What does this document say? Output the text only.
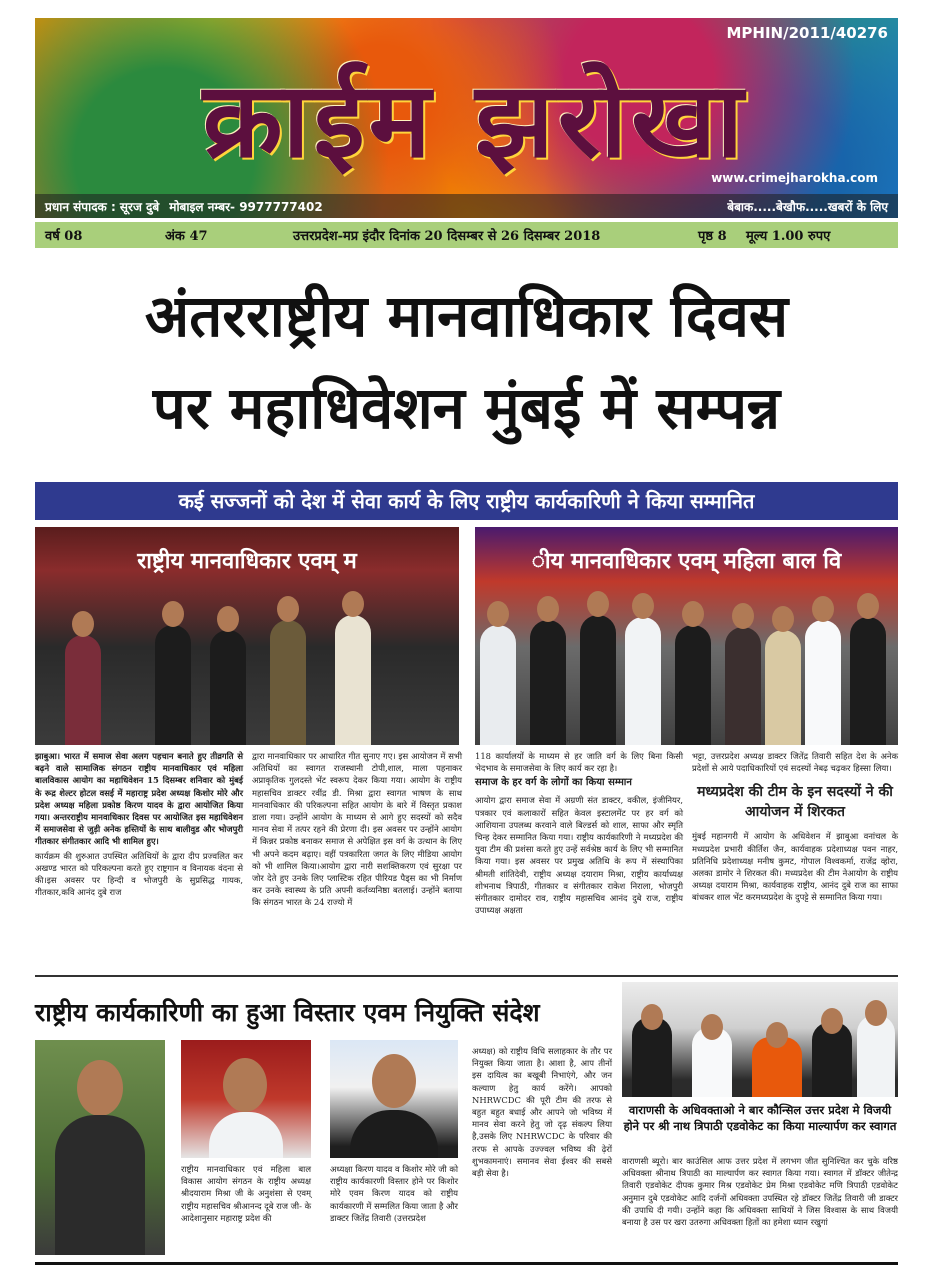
MPHIN/2011/40276
क्राईम झरोखा
www.crimejharokha.com
प्रधान संपादक : सूरज दुबे मोबाइल नम्बर- 9977777402	बेबाक.....बेखौफ.....खबरों के लिए
वर्ष 08	अंक 47	उत्तरप्रदेश-मप्र इंदौर दिनांक 20 दिसम्बर से 26 दिसम्बर 2018	पृष्ठ 8	मूल्य 1.00 रुपए
अंतरराष्ट्रीय मानवाधिकार दिवस
पर महाधिवेशन मुंबई में सम्पन्न
कई सज्जनों को देश में सेवा कार्य के लिए राष्ट्रीय कार्यकारिणी ने किया सम्मानित
राष्ट्रीय मानवाधिकार एवम् म	ीय मानवाधिकार एवम् महिला बाल वि

झाबुआ। भारत में समाज सेवा अलग पहचान बनाते हुए तीव्रगति से बढ़ने वाले सामाजिक संगठन राष्ट्रीय मानवाधिकार एवं महिला बालविकास आयोग का महाधिवेशन 15 दिसम्बर शनिवार को मुंबई के रूद्र शेल्टर होटल वसई में महाराष्ट्र प्रदेश अध्यक्ष किशोर मोरे और प्रदेश अध्यक्ष महिला प्रकोष्ठ किरण यादव के द्वारा आयोजित किया गया। अन्तरराष्ट्रीय मानवाधिकार दिवस पर आयोजित इस महाधिवेशन में समाजसेवा से जुड़ी अनेक हस्तियों के साथ बालीवुड और भोजपुरी गीतकार संगीतकार आदि भी शामिल हुए।

कार्यक्रम की शुरुआत उपस्थित अतिथियों के द्वारा दीप प्रज्वलित कर अखण्ड भारत को परिकल्पना करते हुए राष्ट्रगान व विनायक वंदना से की।इस अवसर पर हिन्दी व भोजपुरी के सुप्रसिद्ध गायक, गीतकार,कवि आनंद दुबे राज

द्वारा मानवाधिकार पर आधारित गीत सुनाए गए। इस आयोजन में सभी अतिथियों का स्वागत राजस्थानी टोपी,शाल, माला पहनाकर अप्राकृतिक गुलदस्ते भेंट स्वरूप देकर किया गया। आयोग के राष्ट्रीय महासचिव डाक्टर रवींद्र डी. मिश्रा द्वारा स्वागत भाषण के साथ मानवाधिकार की परिकल्पना सहित आयोग के बारे में विस्तृत प्रकाश डाला गया। उन्होंने आयोग के माध्यम से आगे हुए सदस्यों को सदैव मानव सेवा में तत्पर रहने की प्रेरणा दी। इस अवसर पर उन्होंने आयोग में किन्नर प्रकोष्ठ बनाकर समाज से अपेक्षित इस वर्ग के उत्थान के लिए भी अपने कदम बढ़ाए। वहीं पत्रकारिता जगत के लिए मीडिया आयोग को भी शामिल किया।आयोग द्वारा नारी सशक्तिकरण एवं सुरक्षा पर जोर देते हुए उनके लिए प्लास्टिक रहित पीरियड पैड्स का भी निर्माण कर उनके स्वास्थ्य के प्रति अपनी कर्तव्यनिष्ठा बतलाई। उन्होंने बताया कि संगठन भारत के 24 राज्यो में

118 कार्यालयों के माध्यम से हर जाति वर्ग के लिए बिना किसी भेदभाव के समाजसेवा के लिए कार्य कर रहा है।

समाज के हर वर्ग के लोगों का किया सम्मान

आयोग द्वारा समाज सेवा में अग्रणी संत डाक्टर, वकील, इंजीनियर, पत्रकार एवं कलाकारों सहित केवल इस्टालमेंट पर हर वर्ग को आशियाना उपलब्ध करवाने वाले बिल्डर्स को शाल, साफा और स्मृति चिन्ह देकर सम्मानित किया गया। राष्ट्रीय कार्यकारिणी ने मध्यप्रदेश की युवा टीम की प्रशंसा करते हुए उन्हें सर्वश्रेष्ठ कार्य के लिए भी सम्मानित किया गया। इस अवसर पर प्रमुख अतिथि के रूप में संस्थापिका श्रीमती शांतिदेवी, राष्ट्रीय अध्यक्ष दयाराम मिश्रा, राष्ट्रीय कार्याध्यक्ष शोभनाथ त्रिपाठी, गीतकार व संगीतकार राकेश निराला, भोजपुरी संगीतकार दामोदर राव, राष्ट्रीय महासचिव आनंद दुबे राज, राष्ट्रीय उपाध्यक्ष अक्षता

भट्टा, उत्तरप्रदेश अध्यक्ष डाक्टर जितेंद्र तिवारी सहित देश के अनेक प्रदेशों से आये पदाधिकारियों एवं सदस्यों नेबढ़ चढ़कर हिस्सा लिया।

मध्यप्रदेश की टीम के इन सदस्यों ने की आयोजन में शिरकत

मुंबई महानगरी में आयोग के अधिवेशन में झाबुआ वनांचल के मध्यप्रदेश प्रभारी कीर्तिश जैन, कार्यवाहक प्रदेशाध्यक्ष पवन नाहर, प्रतिनिधि प्रदेशाध्यक्ष मनीष कुमट, गोपाल विश्वकर्मा, राजेंद्र व्होरा, अलका डामोर ने शिरकत की। मध्यप्रदेश की टीम नेआयोग के राष्ट्रीय अध्यक्ष दयाराम मिश्रा, कार्यवाहक राष्ट्रीय, आनंद दुबे राज का साफा बांधकर शाल भेंट करमध्यप्रदेश के दुपट्टे से सम्मानित किया गया।

राष्ट्रीय कार्यकारिणी का हुआ विस्तार एवम नियुक्ति संदेश
राष्ट्रीय मानवाधिकार एवं महिला बाल विकास आयोग संगठन के राष्ट्रीय अध्यक्ष श्रीदयाराम मिश्रा जी के अनुशंसा से एवम् राष्ट्रीय महासचिव श्रीआनन्द दूबे राज जी- के आदेशानुसार महाराष्ट्र प्रदेश की
अध्यक्षा किरण यादव व किशोर मोरे जी को राष्ट्रीय कार्यकारणी विस्तार होने पर किशोर मोरे एवम किरण यादव को राष्ट्रीय कार्यकारणी में सम्मलित किया जाता है और डाक्टर जितेंद्र तिवारी (उत्तरप्रदेश
अध्यक्ष) को राष्ट्रीय विधि सलाहकार के तौर पर नियुक्त किया जाता है। आशा है, आप तीनों इस दायित्व का बखूबी निभाएंगे, और जन कल्याण हेतु कार्य करेंगे। आपको NHRWCDC की पूरी टीम की तरफ से बहुत बहुत बधाई और आपने जो भविष्य में मानव सेवा करने हेतु जो दृढ़ संकल्प लिया है,उसके लिए NHRWCDC के परिवार की तरफ से आपके उज्ज्वल भविष्य की ढ़ेरों शुभकामनाएं। समानव सेवा ईश्वर की सबसे बड़ी सेवा है।
वाराणसी के अधिवक्ताओ ने बार कौन्सिल उत्तर प्रदेश मे विजयी होने पर श्री नाथ त्रिपाठी एडवोकेट का किया माल्यार्पण कर स्वागत
वाराणसी ब्यूरो। बार काउंसिल आफ उत्तर प्रदेश में लगभग जीत सुनिश्चित कर चुके वरिष्ठ अधिवक्ता श्रीनाथ त्रिपाठी का माल्यार्पण कर स्वागत किया गया। स्वागत में डॉक्टर जीतेन्द्र तिवारी एडवोकेट दीपक कुमार मिश्र एडवोकेट प्रेम मिश्रा एडवोकेट मणि त्रिपाठी एडवोकेट अनुमान दुबे एडवोकेट आदि दर्जनों अधिवक्ता उपस्थित रहे डॉक्टर जितेंद्र तिवारी जी डाक्टर की उपाधि दी गयी। उन्होंने कहा कि अधिवक्ता साथियों ने जिस विश्वास के साथ विजयी बनाया है उस पर खरा उतरुगा अधिवक्ता हितों का हमेशा ध्यान रखुगां
